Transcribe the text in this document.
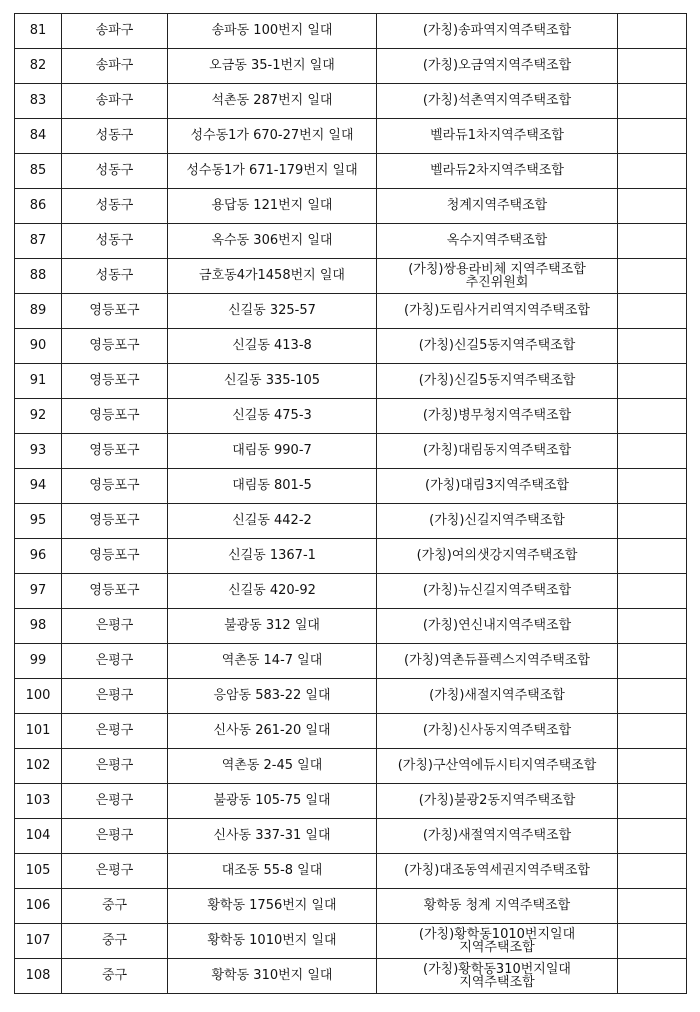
81	송파구	송파동 100번지 일대	(가칭)송파역지역주택조합	
82	송파구	오금동 35-1번지 일대	(가칭)오금역지역주택조합	
83	송파구	석촌동 287번지 일대	(가칭)석촌역지역주택조합	
84	성동구	성수동1가 670-27번지 일대	벨라듀1차지역주택조합	
85	성동구	성수동1가 671-179번지 일대	벨라듀2차지역주택조합	
86	성동구	용답동 121번지 일대	청계지역주택조합	
87	성동구	옥수동 306번지 일대	옥수지역주택조합	
88	성동구	금호동4가1458번지 일대	(가칭)쌍용라비체 지역주택조합
추진위원회	
89	영등포구	신길동 325-57	(가칭)도림사거리역지역주택조합	
90	영등포구	신길동 413-8	(가칭)신길5동지역주택조합	
91	영등포구	신길동 335-105	(가칭)신길5동지역주택조합	
92	영등포구	신길동 475-3	(가칭)병무청지역주택조합	
93	영등포구	대림동 990-7	(가칭)대림동지역주택조합	
94	영등포구	대림동 801-5	(가칭)대림3지역주택조합	
95	영등포구	신길동 442-2	(가칭)신길지역주택조합	
96	영등포구	신길동 1367-1	(가칭)여의샛강지역주택조합	
97	영등포구	신길동 420-92	(가칭)뉴신길지역주택조합	
98	은평구	불광동 312 일대	(가칭)연신내지역주택조합	
99	은평구	역촌동 14-7 일대	(가칭)역촌듀플렉스지역주택조합	
100	은평구	응암동 583-22 일대	(가칭)새절지역주택조합	
101	은평구	신사동 261-20 일대	(가칭)신사동지역주택조합	
102	은평구	역촌동 2-45 일대	(가칭)구산역에듀시티지역주택조합	
103	은평구	불광동 105-75 일대	(가칭)불광2동지역주택조합	
104	은평구	신사동 337-31 일대	(가칭)새절역지역주택조합	
105	은평구	대조동 55-8 일대	(가칭)대조동역세권지역주택조합	
106	중구	황학동 1756번지 일대	황학동 청계 지역주택조합	
107	중구	황학동 1010번지 일대	(가칭)황학동1010번지일대
지역주택조합	
108	중구	황학동 310번지 일대	(가칭)황학동310번지일대
지역주택조합	
